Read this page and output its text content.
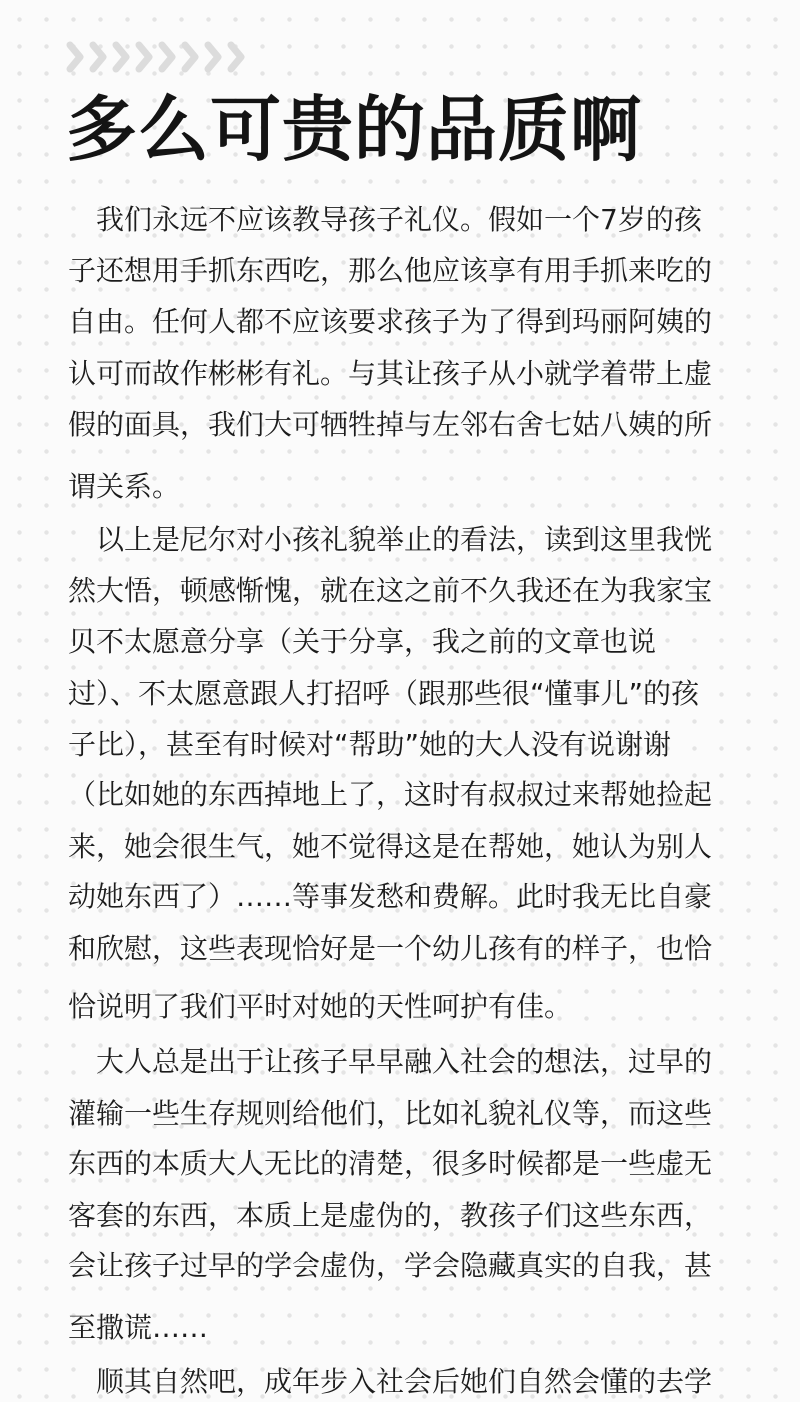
多么可贵的品质啊

　我们永远不应该教导孩子礼仪。假如一个7岁的孩

子还想用手抓东西吃，那么他应该享有用手抓来吃的

自由。任何人都不应该要求孩子为了得到玛丽阿姨的

认可而故作彬彬有礼。与其让孩子从小就学着带上虚

假的面具，我们大可牺牲掉与左邻右舍七姑八姨的所

谓关系。

　以上是尼尔对小孩礼貌举止的看法，读到这里我恍

然大悟，顿感惭愧，就在这之前不久我还在为我家宝

贝不太愿意分享（关于分享，我之前的文章也说

过）、不太愿意跟人打招呼（跟那些很“懂事儿”的孩

子比），甚至有时候对“帮助”她的大人没有说谢谢

（比如她的东西掉地上了，这时有叔叔过来帮她捡起

来，她会很生气，她不觉得这是在帮她，她认为别人

动她东西了）……等事发愁和费解。此时我无比自豪

和欣慰，这些表现恰好是一个幼儿孩有的样子，也恰

恰说明了我们平时对她的天性呵护有佳。

　大人总是出于让孩子早早融入社会的想法，过早的

灌输一些生存规则给他们，比如礼貌礼仪等，而这些

东西的本质大人无比的清楚，很多时候都是一些虚无

客套的东西，本质上是虚伪的，教孩子们这些东西，

会让孩子过早的学会虚伪，学会隐藏真实的自我，甚

至撒谎……

　顺其自然吧，成年步入社会后她们自然会懂的去学
